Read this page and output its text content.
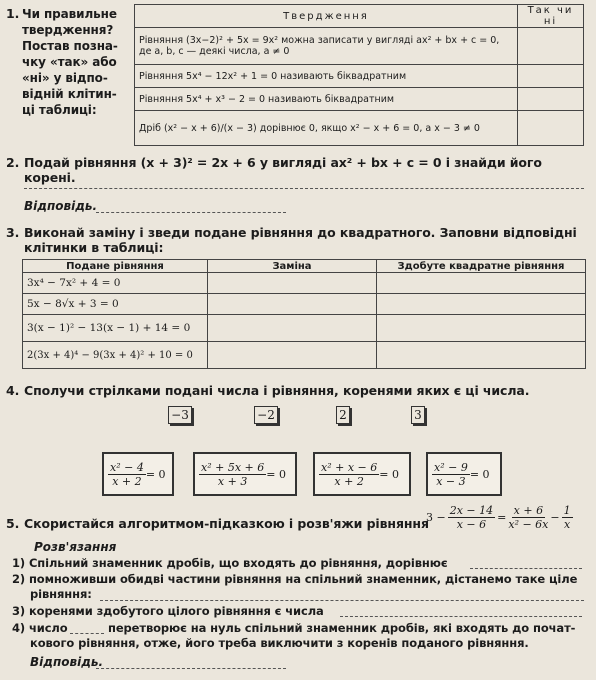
1. Чи правильне
твердження?
Постав позна-
чку «так» або
«ні» у відпо-
відній клітин-
ці таблиці:
Твердження	Так чи ні
Рівняння (3x−2)² + 5x = 9x² можна записати у вигляді ax² + bx + c = 0, де a, b, c — деякі числа, a ≠ 0	
Рівняння 5x⁴ − 12x² + 1 = 0 називають біквадратним	
Рівняння 5x⁴ + x³ − 2 = 0 називають біквадратним	
Дріб (x² − x + 6)/(x − 3) дорівнює 0, якщо x² − x + 6 = 0, а x − 3 ≠ 0	
2. Подай рівняння (x + 3)² = 2x + 6 у вигляді ax² + bx + c = 0 і знайди його корені.
Відповідь.
3. Виконай заміну і зведи подане рівняння до квадратного. Заповни відповідні клітинки в таблиці:
Подане рівняння	Заміна	Здобуте квадратне рівняння
3x⁴ − 7x² + 4 = 0		
5x − 8√x + 3 = 0		
3(x − 1)² − 13(x − 1) + 14 = 0		
2(3x + 4)⁴ − 9(3x + 4)² + 10 = 0		
4. Сполучи стрілками подані числа і рівняння, коренями яких є ці числа.
−3	−2	2	3
$\frac{\text{x² − 4}}{x + 2} = 0$	$\frac{\text{x² + 5x + 6}}{x + 3} = 0$	$\frac{\text{x² + x − 6}}{x + 2} = 0$	$\frac{\text{x² − 9}}{x - 3} = 0$
5. Скористайся алгоритмом-підказкою і розв'яжи рівняння
$3 - \frac{2x - 14}{x - 6} = \frac{x + 6}{\text{x² − 6x}} - \frac{1}{x}$
Розв'язання
1) Спільний знаменник дробів, що входять до рівняння, дорівнює
2) помноживши обидві частини рівняння на спільний знаменник, дістанемо таке ціле
рівняння:
3) коренями здобутого цілого рівняння є числа
4) число	перетворює на нуль спільний знаменник дробів, які входять до почат-
кового рівняння, отже, його треба виключити з коренів поданого рівняння.
Відповідь.
